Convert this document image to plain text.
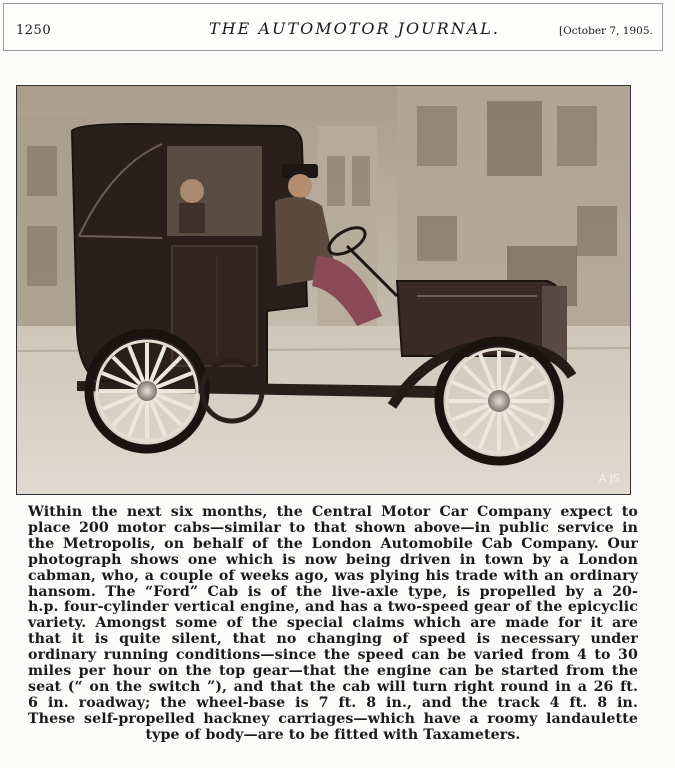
1250	THE AUTOMOTOR JOURNAL.	[October 7, 1905.
A JS
Within the next six months, the Central Motor Car Company expect to
place 200 motor cabs—similar to that shown above—in public service in
the Metropolis, on behalf of the London Automobile Cab Company. Our
photograph shows one which is now being driven in town by a London
cabman, who, a couple of weeks ago, was plying his trade with an ordinary
hansom. The “Ford” Cab is of the live-axle type, is propelled by a 20-
h.p. four-cylinder vertical engine, and has a two-speed gear of the epicyclic
variety. Amongst some of the special claims which are made for it are
that it is quite silent, that no changing of speed is necessary under
ordinary running conditions—since the speed can be varied from 4 to 30
miles per hour on the top gear—that the engine can be started from the
seat (“ on the switch ”), and that the cab will turn right round in a 26 ft.
6 in. roadway; the wheel-base is 7 ft. 8 in., and the track 4 ft. 8 in.
These self-propelled hackney carriages—which have a roomy landaulette
type of body—are to be fitted with Taxameters.
